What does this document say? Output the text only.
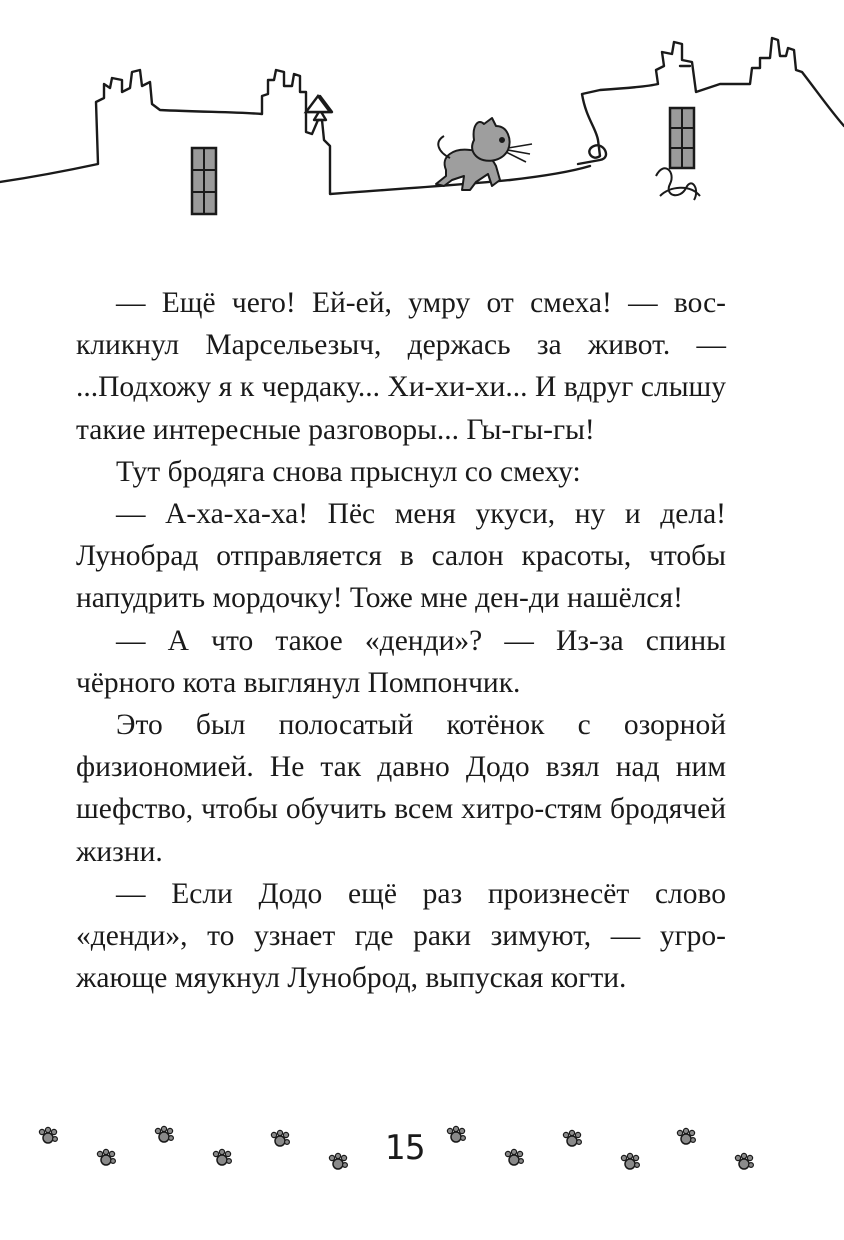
— Ещё чего! Ей-ей, умру от смеха! — вос-кликнул Марсельезыч, держась за живот. — ...Подхожу я к чердаку... Хи-хи-хи... И вдруг слышу такие интересные разговоры... Гы-гы-гы!

Тут бродяга снова прыснул со смеху:

— А-ха-ха-ха! Пёс меня укуси, ну и дела! Лунобрад отправляется в салон красоты, чтобы напудрить мордочку! Тоже мне ден-ди нашёлся!

— А что такое «денди»? — Из-за спины чёрного кота выглянул Помпончик.

Это был полосатый котёнок с озорной физиономией. Не так давно Додо взял над ним шефство, чтобы обучить всем хитро-стям бродячей жизни.

— Если Додо ещё раз произнесёт слово «денди», то узнает где раки зимуют, — угро-жающе мяукнул Луноброд, выпуская когти.

15
